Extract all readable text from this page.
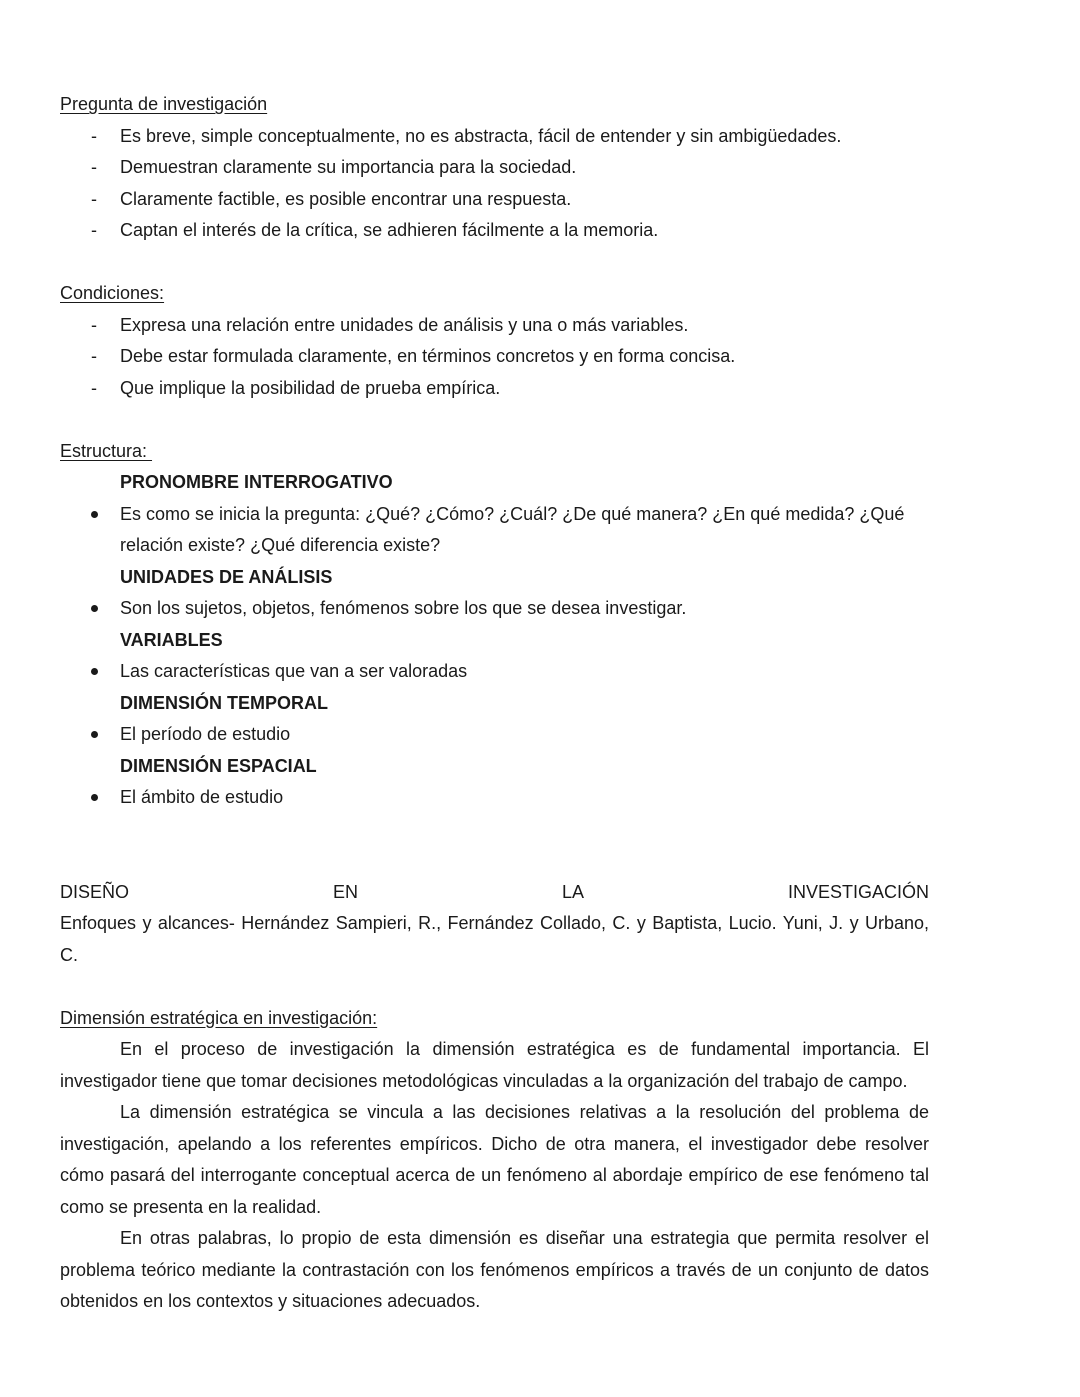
Pregunta de investigación
- Es breve, simple conceptualmente, no es abstracta, fácil de entender y sin ambigüedades.
- Demuestran claramente su importancia para la sociedad.
- Claramente factible, es posible encontrar una respuesta.
- Captan el interés de la crítica, se adhieren fácilmente a la memoria.
Condiciones:
- Expresa una relación entre unidades de análisis y una o más variables.
- Debe estar formulada claramente, en términos concretos y en forma concisa.
- Que implique la posibilidad de prueba empírica.
Estructura:
PRONOMBRE INTERROGATIVO
Es como se inicia la pregunta: ¿Qué? ¿Cómo? ¿Cuál? ¿De qué manera? ¿En qué medida? ¿Qué relación existe? ¿Qué diferencia existe?
UNIDADES DE ANÁLISIS
Son los sujetos, objetos, fenómenos sobre los que se desea investigar.
VARIABLES
Las características que van a ser valoradas
DIMENSIÓN TEMPORAL
El período de estudio
DIMENSIÓN ESPACIAL
El ámbito de estudio
DISEÑO	EN	LA	INVESTIGACIÓN
Enfoques y alcances- Hernández Sampieri, R., Fernández Collado, C. y Baptista, Lucio. Yuni, J. y Urbano, C.
Dimensión estratégica en investigación:
En el proceso de investigación la dimensión estratégica es de fundamental importancia. El investigador tiene que tomar decisiones metodológicas vinculadas a la organización del trabajo de campo.
La dimensión estratégica se vincula a las decisiones relativas a la resolución del problema de investigación, apelando a los referentes empíricos. Dicho de otra manera, el investigador debe resolver cómo pasará del interrogante conceptual acerca de un fenómeno al abordaje empírico de ese fenómeno tal como se presenta en la realidad.
En otras palabras, lo propio de esta dimensión es diseñar una estrategia que permita resolver el problema teórico mediante la contrastación con los fenómenos empíricos a través de un conjunto de datos obtenidos en los contextos y situaciones adecuados.
